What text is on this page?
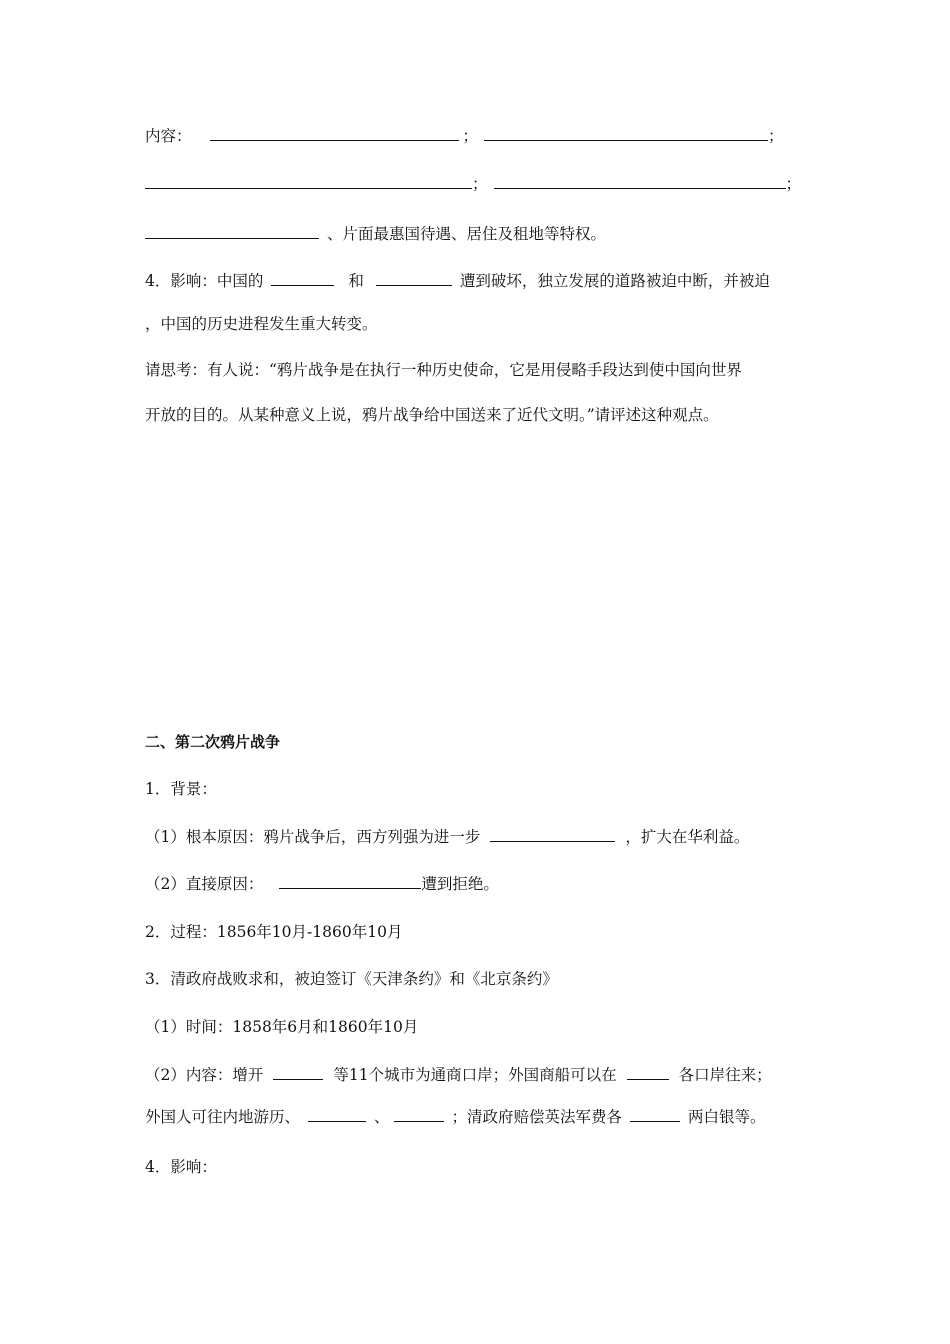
内容：	；	；
；	；
、片面最惠国待遇、居住及租地等特权。
4．影响：中国的	和	遭到破坏，独立发展的道路被迫中断，并被迫
，中国的历史进程发生重大转变。
请思考：有人说：“鸦片战争是在执行一种历史使命，它是用侵略手段达到使中国向世界
开放的目的。从某种意义上说，鸦片战争给中国送来了近代文明。”请评述这种观点。
二、第二次鸦片战争
1．背景：
（1）根本原因：鸦片战争后，西方列强为进一步	，扩大在华利益。
（2）直接原因：	遭到拒绝。
2．过程：1856年10月-1860年10月
3．清政府战败求和，被迫签订《天津条约》和《北京条约》
（1）时间：1858年6月和1860年10月
（2）内容：增开	等11个城市为通商口岸；外国商船可以在	各口岸往来；
外国人可往内地游历、	、	；清政府赔偿英法军费各	两白银等。
4．影响：
